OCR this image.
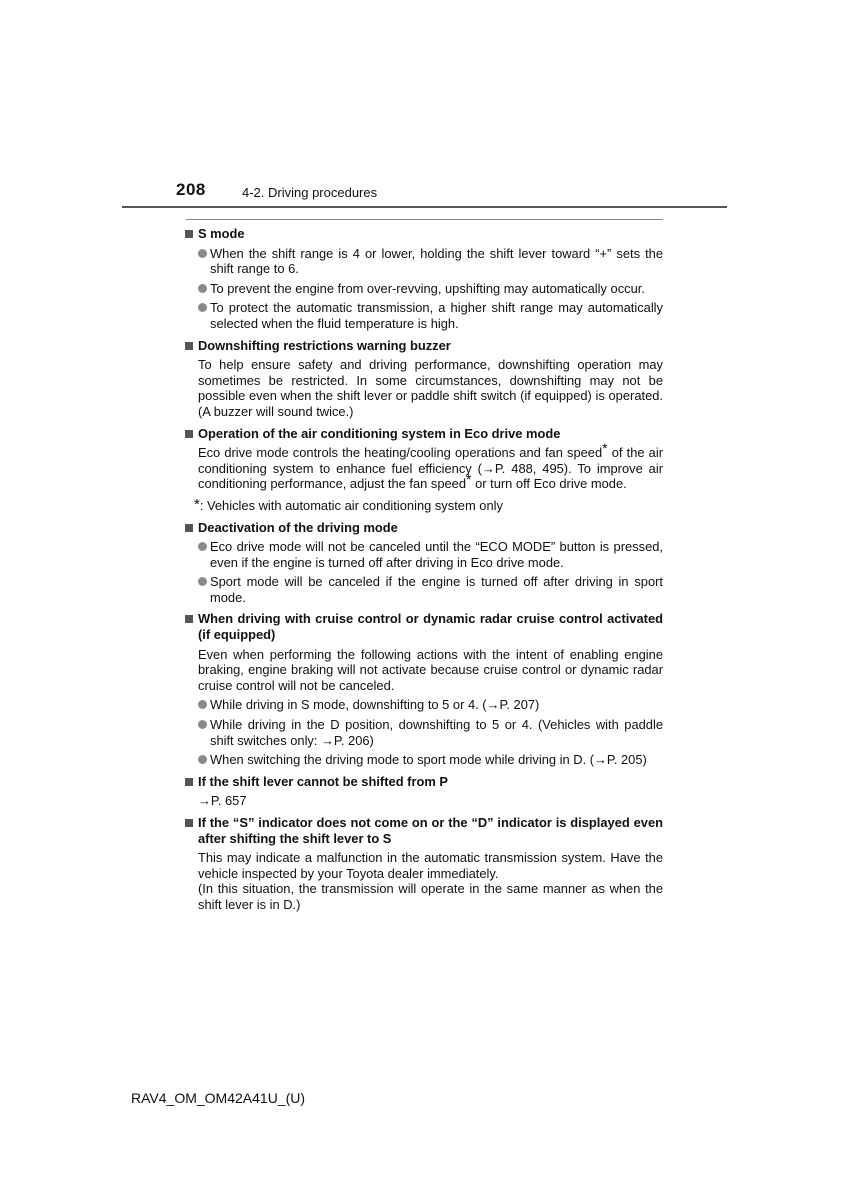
208	4-2. Driving procedures
S mode
When the shift range is 4 or lower, holding the shift lever toward “+” sets the shift range to 6.
To prevent the engine from over-revving, upshifting may automatically occur.
To protect the automatic transmission, a higher shift range may automatically selected when the fluid temperature is high.
Downshifting restrictions warning buzzer
To help ensure safety and driving performance, downshifting operation may sometimes be restricted. In some circumstances, downshifting may not be possible even when the shift lever or paddle shift switch (if equipped) is operated. (A buzzer will sound twice.)
Operation of the air conditioning system in Eco drive mode
Eco drive mode controls the heating/cooling operations and fan speed* of the air conditioning system to enhance fuel efficiency (→P. 488, 495). To improve air conditioning performance, adjust the fan speed* or turn off Eco drive mode.
*: Vehicles with automatic air conditioning system only
Deactivation of the driving mode
Eco drive mode will not be canceled until the “ECO MODE” button is pressed, even if the engine is turned off after driving in Eco drive mode.
Sport mode will be canceled if the engine is turned off after driving in sport mode.
When driving with cruise control or dynamic radar cruise control activated (if equipped)
Even when performing the following actions with the intent of enabling engine braking, engine braking will not activate because cruise control or dynamic radar cruise control will not be canceled.
While driving in S mode, downshifting to 5 or 4. (→P. 207)
While driving in the D position, downshifting to 5 or 4. (Vehicles with paddle shift switches only: →P. 206)
When switching the driving mode to sport mode while driving in D. (→P. 205)
If the shift lever cannot be shifted from P
→P. 657
If the “S” indicator does not come on or the “D” indicator is displayed even after shifting the shift lever to S
This may indicate a malfunction in the automatic transmission system. Have the vehicle inspected by your Toyota dealer immediately.
(In this situation, the transmission will operate in the same manner as when the shift lever is in D.)
RAV4_OM_OM42A41U_(U)
